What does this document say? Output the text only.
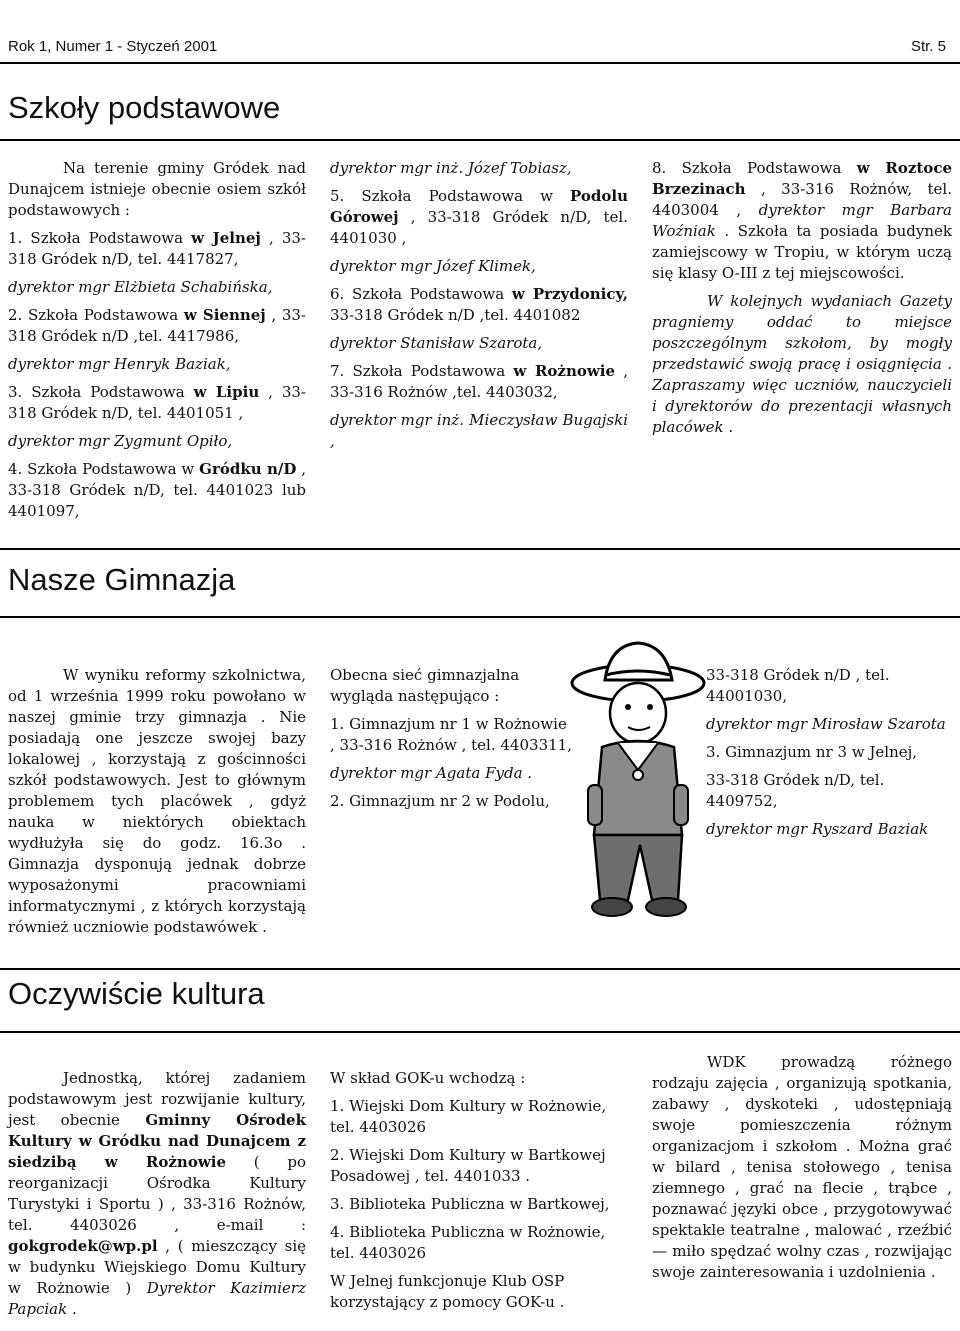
Rok 1, Numer 1 - Styczeń 2001	Str. 5
Szkoły podstawowe

Na terenie gminy Gródek nad Dunajcem istnieje obecnie osiem szkół podstawowych :

1. Szkoła Podstawowa w Jelnej , 33-318 Gródek n/D, tel. 4417827,

dyrektor mgr Elżbieta Schabińska,

2. Szkoła Podstawowa w Siennej , 33-318 Gródek n/D ,tel. 4417986,

dyrektor mgr Henryk Baziak,

3. Szkoła Podstawowa w Lipiu , 33-318 Gródek n/D, tel. 4401051 ,

dyrektor mgr Zygmunt Opiło,

4. Szkoła Podstawowa w Gródku n/D , 33-318 Gródek n/D, tel. 4401023 lub 4401097,

dyrektor mgr inż. Józef Tobiasz,

5. Szkoła Podstawowa w Podolu Górowej , 33-318 Gródek n/D, tel. 4401030 ,

dyrektor mgr Józef Klimek,

6. Szkoła Podstawowa w Przydonicy, 33-318 Gródek n/D ,tel. 4401082

dyrektor Stanisław Szarota,

7. Szkoła Podstawowa w Rożnowie , 33-316 Rożnów ,tel. 4403032,

dyrektor mgr inż. Mieczysław Bugajski ,

8. Szkoła Podstawowa w Roztoce Brzezinach , 33-316 Rożnów, tel. 4403004 , dyrektor mgr Barbara Woźniak . Szkoła ta posiada budynek zamiejscowy w Tropiu, w którym uczą się klasy O-III z tej miejscowości.

W kolejnych wydaniach Gazety pragniemy oddać to miejsce poszczególnym szkołom, by mogły przedstawić swoją pracę i osiągnięcia . Zapraszamy więc uczniów, nauczycieli i dyrektorów do prezentacji własnych placówek .

Nasze Gimnazja

W wyniku reformy szkolnictwa, od 1 września 1999 roku powołano w naszej gminie trzy gimnazja . Nie posiadają one jeszcze swojej bazy lokalowej , korzystają z gościnności szkół podstawowych. Jest to głównym problemem tych placówek , gdyż nauka w niektórych obiektach wydłużyła się do godz. 16.3o . Gimnazja dysponują jednak dobrze wyposażonymi pracowniami informatycznymi , z których korzystają również uczniowie podstawówek .

Obecna sieć gimnazjalna wygląda następująco :

1. Gimnazjum nr 1 w Rożnowie , 33-316 Rożnów , tel. 4403311,

dyrektor mgr Agata Fyda .

2. Gimnazjum nr 2 w Podolu,

33-318 Gródek n/D , tel. 44001030,

dyrektor mgr Mirosław Szarota

3. Gimnazjum nr 3 w Jelnej,

33-318 Gródek n/D, tel. 4409752,

dyrektor mgr Ryszard Baziak

Oczywiście kultura

Jednostką, której zadaniem podstawowym jest rozwijanie kultury, jest obecnie Gminny Ośrodek Kultury w Gródku nad Dunajcem z siedzibą w Rożnowie ( po reorganizacji Ośrodka Kultury Turystyki i Sportu ) , 33-316 Rożnów, tel. 4403026 , e-mail : gokgrodek@wp.pl , ( mieszczący się w budynku Wiejskiego Domu Kultury w Rożnowie ) Dyrektor Kazimierz Papciak .

W skład GOK-u wchodzą :

1. Wiejski Dom Kultury w Rożnowie, tel. 4403026

2. Wiejski Dom Kultury w Bartkowej Posadowej , tel. 4401033 .

3. Biblioteka Publiczna w Bartkowej,

4. Biblioteka Publiczna w Rożnowie, tel. 4403026

W Jelnej funkcjonuje Klub OSP korzystający z pomocy GOK-u .

WDK prowadzą różnego rodzaju zajęcia , organizują spotkania, zabawy , dyskoteki , udostępniają swoje pomieszczenia różnym organizacjom i szkołom . Można grać w bilard , tenisa stołowego , tenisa ziemnego , grać na flecie , trąbce , poznawać języki obce , przygotowywać spektakle teatralne , malować , rzeźbić — miło spędzać wolny czas , rozwijając swoje zainteresowania i uzdolnienia .
